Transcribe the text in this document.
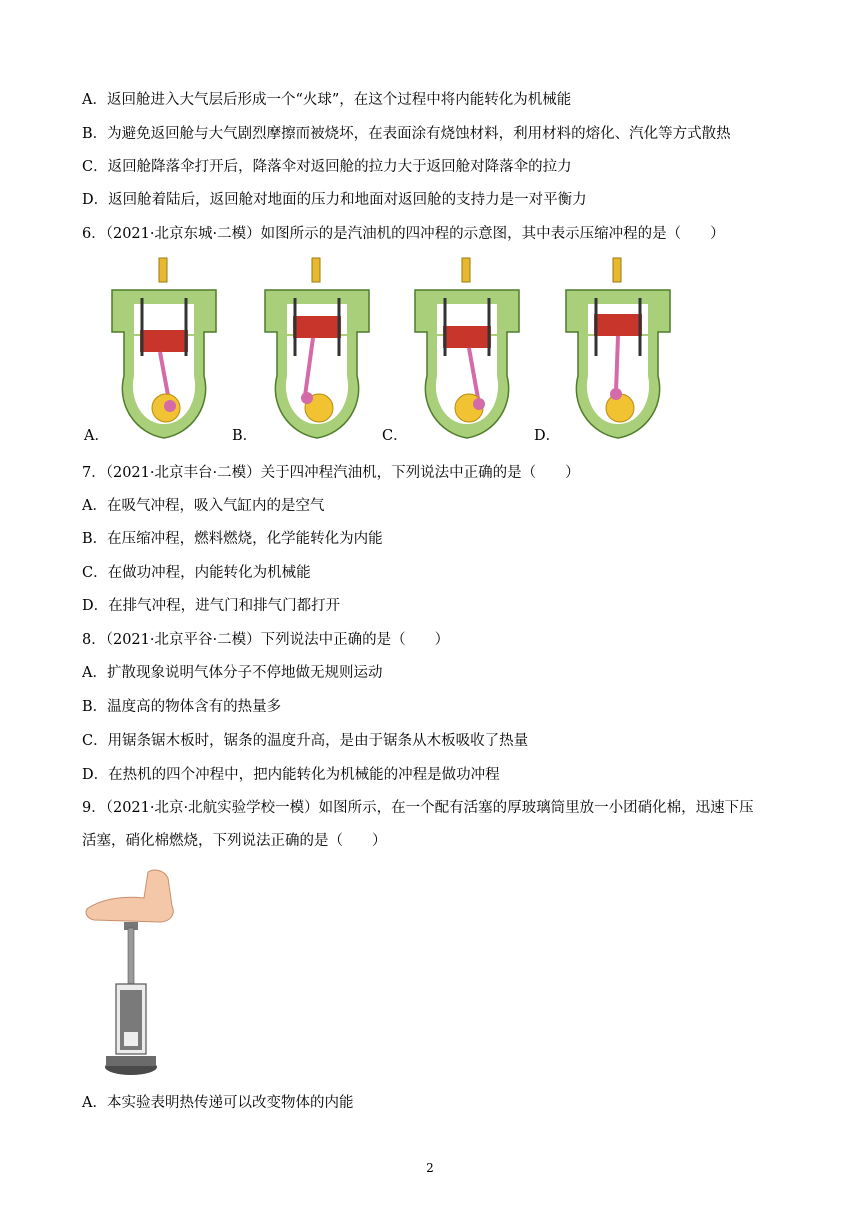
A．返回舱进入大气层后形成一个“火球”，在这个过程中将内能转化为机械能
B．为避免返回舱与大气剧烈摩擦而被烧坏，在表面涂有烧蚀材料，利用材料的熔化、汽化等方式散热
C．返回舱降落伞打开后，降落伞对返回舱的拉力大于返回舱对降落伞的拉力
D．返回舱着陆后，返回舱对地面的压力和地面对返回舱的支持力是一对平衡力
6．（2021·北京东城·二模）如图所示的是汽油机的四冲程的示意图，其中表示压缩冲程的是（　　）
A．	B．	C．	D．
7．（2021·北京丰台·二模）关于四冲程汽油机，下列说法中正确的是（　　）
A．在吸气冲程，吸入气缸内的是空气
B．在压缩冲程，燃料燃烧，化学能转化为内能
C．在做功冲程，内能转化为机械能
D．在排气冲程，进气门和排气门都打开
8．（2021·北京平谷·二模）下列说法中正确的是（　　）
A．扩散现象说明气体分子不停地做无规则运动
B．温度高的物体含有的热量多
C．用锯条锯木板时，锯条的温度升高，是由于锯条从木板吸收了热量
D．在热机的四个冲程中，把内能转化为机械能的冲程是做功冲程
9．（2021·北京·北航实验学校一模）如图所示，在一个配有活塞的厚玻璃筒里放一小团硝化棉，迅速下压
活塞，硝化棉燃烧，下列说法正确的是（　　）
A．本实验表明热传递可以改变物体的内能
2
